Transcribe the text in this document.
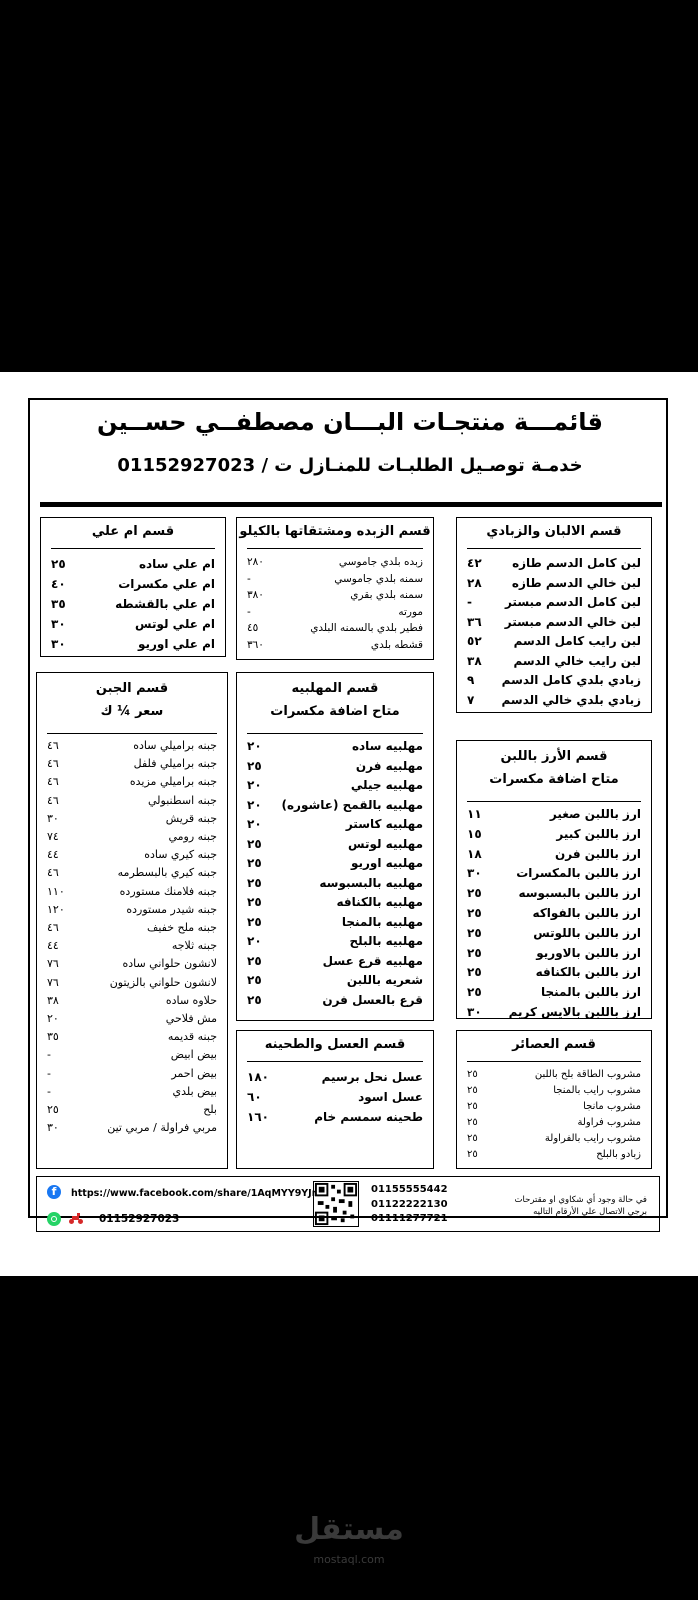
قائمـــة منتجـات البـــان مصطفــي حســين
خدمـة توصـيل الطلبـات للمنـازل ت / 01152927023
قسم الالبان والزبادي
لبن كامل الدسم طازه
٤٢
لبن خالي الدسم طازه
٢٨
لبن كامل الدسم مبستر
-
لبن خالي الدسم مبستر
٣٦
لبن رايب كامل الدسم
٥٢
لبن رايب خالي الدسم
٣٨
زبادي بلدي كامل الدسم
٩
زبادي بلدي خالي الدسم
٧
قسم الزبده ومشتقاتها بالكيلو
زبده بلدي جاموسي
٢٨٠
سمنه بلدي جاموسي
-
سمنه بلدي بقري
٣٨٠
مورته
-
فطير بلدي بالسمنه البلدي
٤٥
قشطه بلدي
٣٦٠
قسم ام علي
ام علي ساده
٢٥
ام علي مكسرات
٤٠
ام علي بالقشطه
٣٥
ام علي لوتس
٣٠
ام علي اوريو
٣٠
قسم الجبن
سعر ¼ ك
جبنه براميلي ساده
٤٦
جبنه براميلي فلفل
٤٦
جبنه براميلي مزيده
٤٦
جبنه اسطنبولي
٤٦
جبنه قريش
٣٠
جبنه رومي
٧٤
جبنه كيري ساده
٤٤
جبنه كيري بالبسطرمه
٤٦
جبنه فلامنك مستورده
١١٠
جبنه شيدر مستورده
١٢٠
جبنه ملح خفيف
٤٦
جبنه ثلاجه
٤٤
لانشون حلواني ساده
٧٦
لانشون حلواني بالزيتون
٧٦
حلاوه ساده
٣٨
مش فلاحي
٢٠
جبنه قديمه
٣٥
بيض ابيض
-
بيض احمر
-
بيض بلدي
-
بلح
٢٥
مربي فراولة / مربي تين
٣٠
قسم المهلبيه
متاح اضافة مكسرات
مهلبيه ساده
٢٠
مهلبيه فرن
٢٥
مهلبيه جيلي
٢٠
مهلبيه بالقمح (عاشوره)
٢٠
مهلبيه كاستر
٢٠
مهلبيه لوتس
٢٥
مهلبيه اوريو
٢٥
مهلبيه بالبسبوسه
٢٥
مهلبيه بالكنافه
٢٥
مهلبيه بالمنجا
٢٥
مهلبيه بالبلح
٢٠
مهلبيه قرع عسل
٢٥
شعريه باللبن
٢٥
قرع بالعسل فرن
٢٥
قسم الأرز باللبن
متاح اضافة مكسرات
ارز باللبن صغير
١١
ارز باللبن كبير
١٥
ارز باللبن فرن
١٨
ارز باللبن بالمكسرات
٣٠
ارز باللبن بالبسبوسه
٢٥
ارز باللبن بالفواكه
٢٥
ارز باللبن باللوتس
٢٥
ارز باللبن بالاوريو
٢٥
ارز باللبن بالكنافه
٢٥
ارز باللبن بالمنجا
٢٥
ارز باللبن بالايس كريم
٣٠
قسم العسل والطحينه
عسل نحل برسيم
١٨٠
عسل اسود
٦٠
طحينه سمسم خام
١٦٠
قسم العصائر
مشروب الطاقة بلح باللبن
٢٥
مشروب رايب بالمنجا
٢٥
مشروب مانجا
٢٥
مشروب فراولة
٢٥
مشروب رايب بالفراولة
٢٥
زبادو بالبلح
٢٥
f	https://www.facebook.com/share/1AqMYY9YJr
01152927023
01155555442
01122222130
01111277721
في حالة وجود أي شكاوي او مقترحات
برجي الاتصال علي الأرقام التاليه
مستقل
mostaql.com
